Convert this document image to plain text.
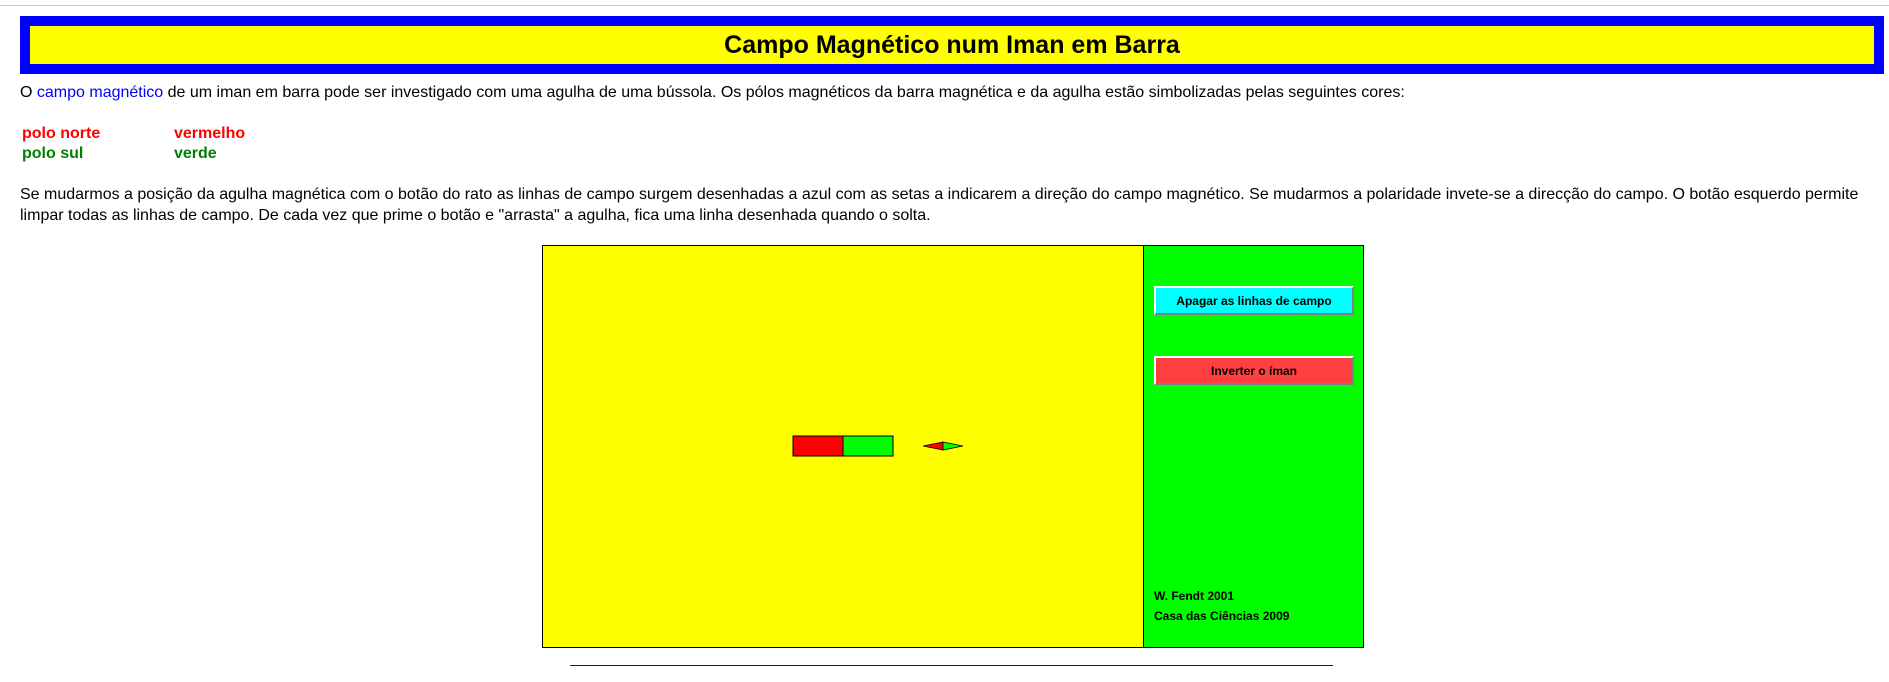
Campo Magnético num Iman em Barra

O campo magnético de um iman em barra pode ser investigado com uma agulha de uma bússola. Os pólos magnéticos da barra magnética e da agulha estão simbolizadas pelas seguintes cores:

polo norte	vermelho
polo sul	verde

Se mudarmos a posição da agulha magnética com o botão do rato as linhas de campo surgem desenhadas a azul com as setas a indicarem a direção do campo magnético. Se mudarmos a polaridade invete-se a direcção do campo. O botão esquerdo permite limpar todas as linhas de campo. De cada vez que prime o botão e "arrasta" a agulha, fica uma linha desenhada quando o solta.

Apagar as linhas de campo
Inverter o íman
W. Fendt 2001
Casa das Ciências 2009
